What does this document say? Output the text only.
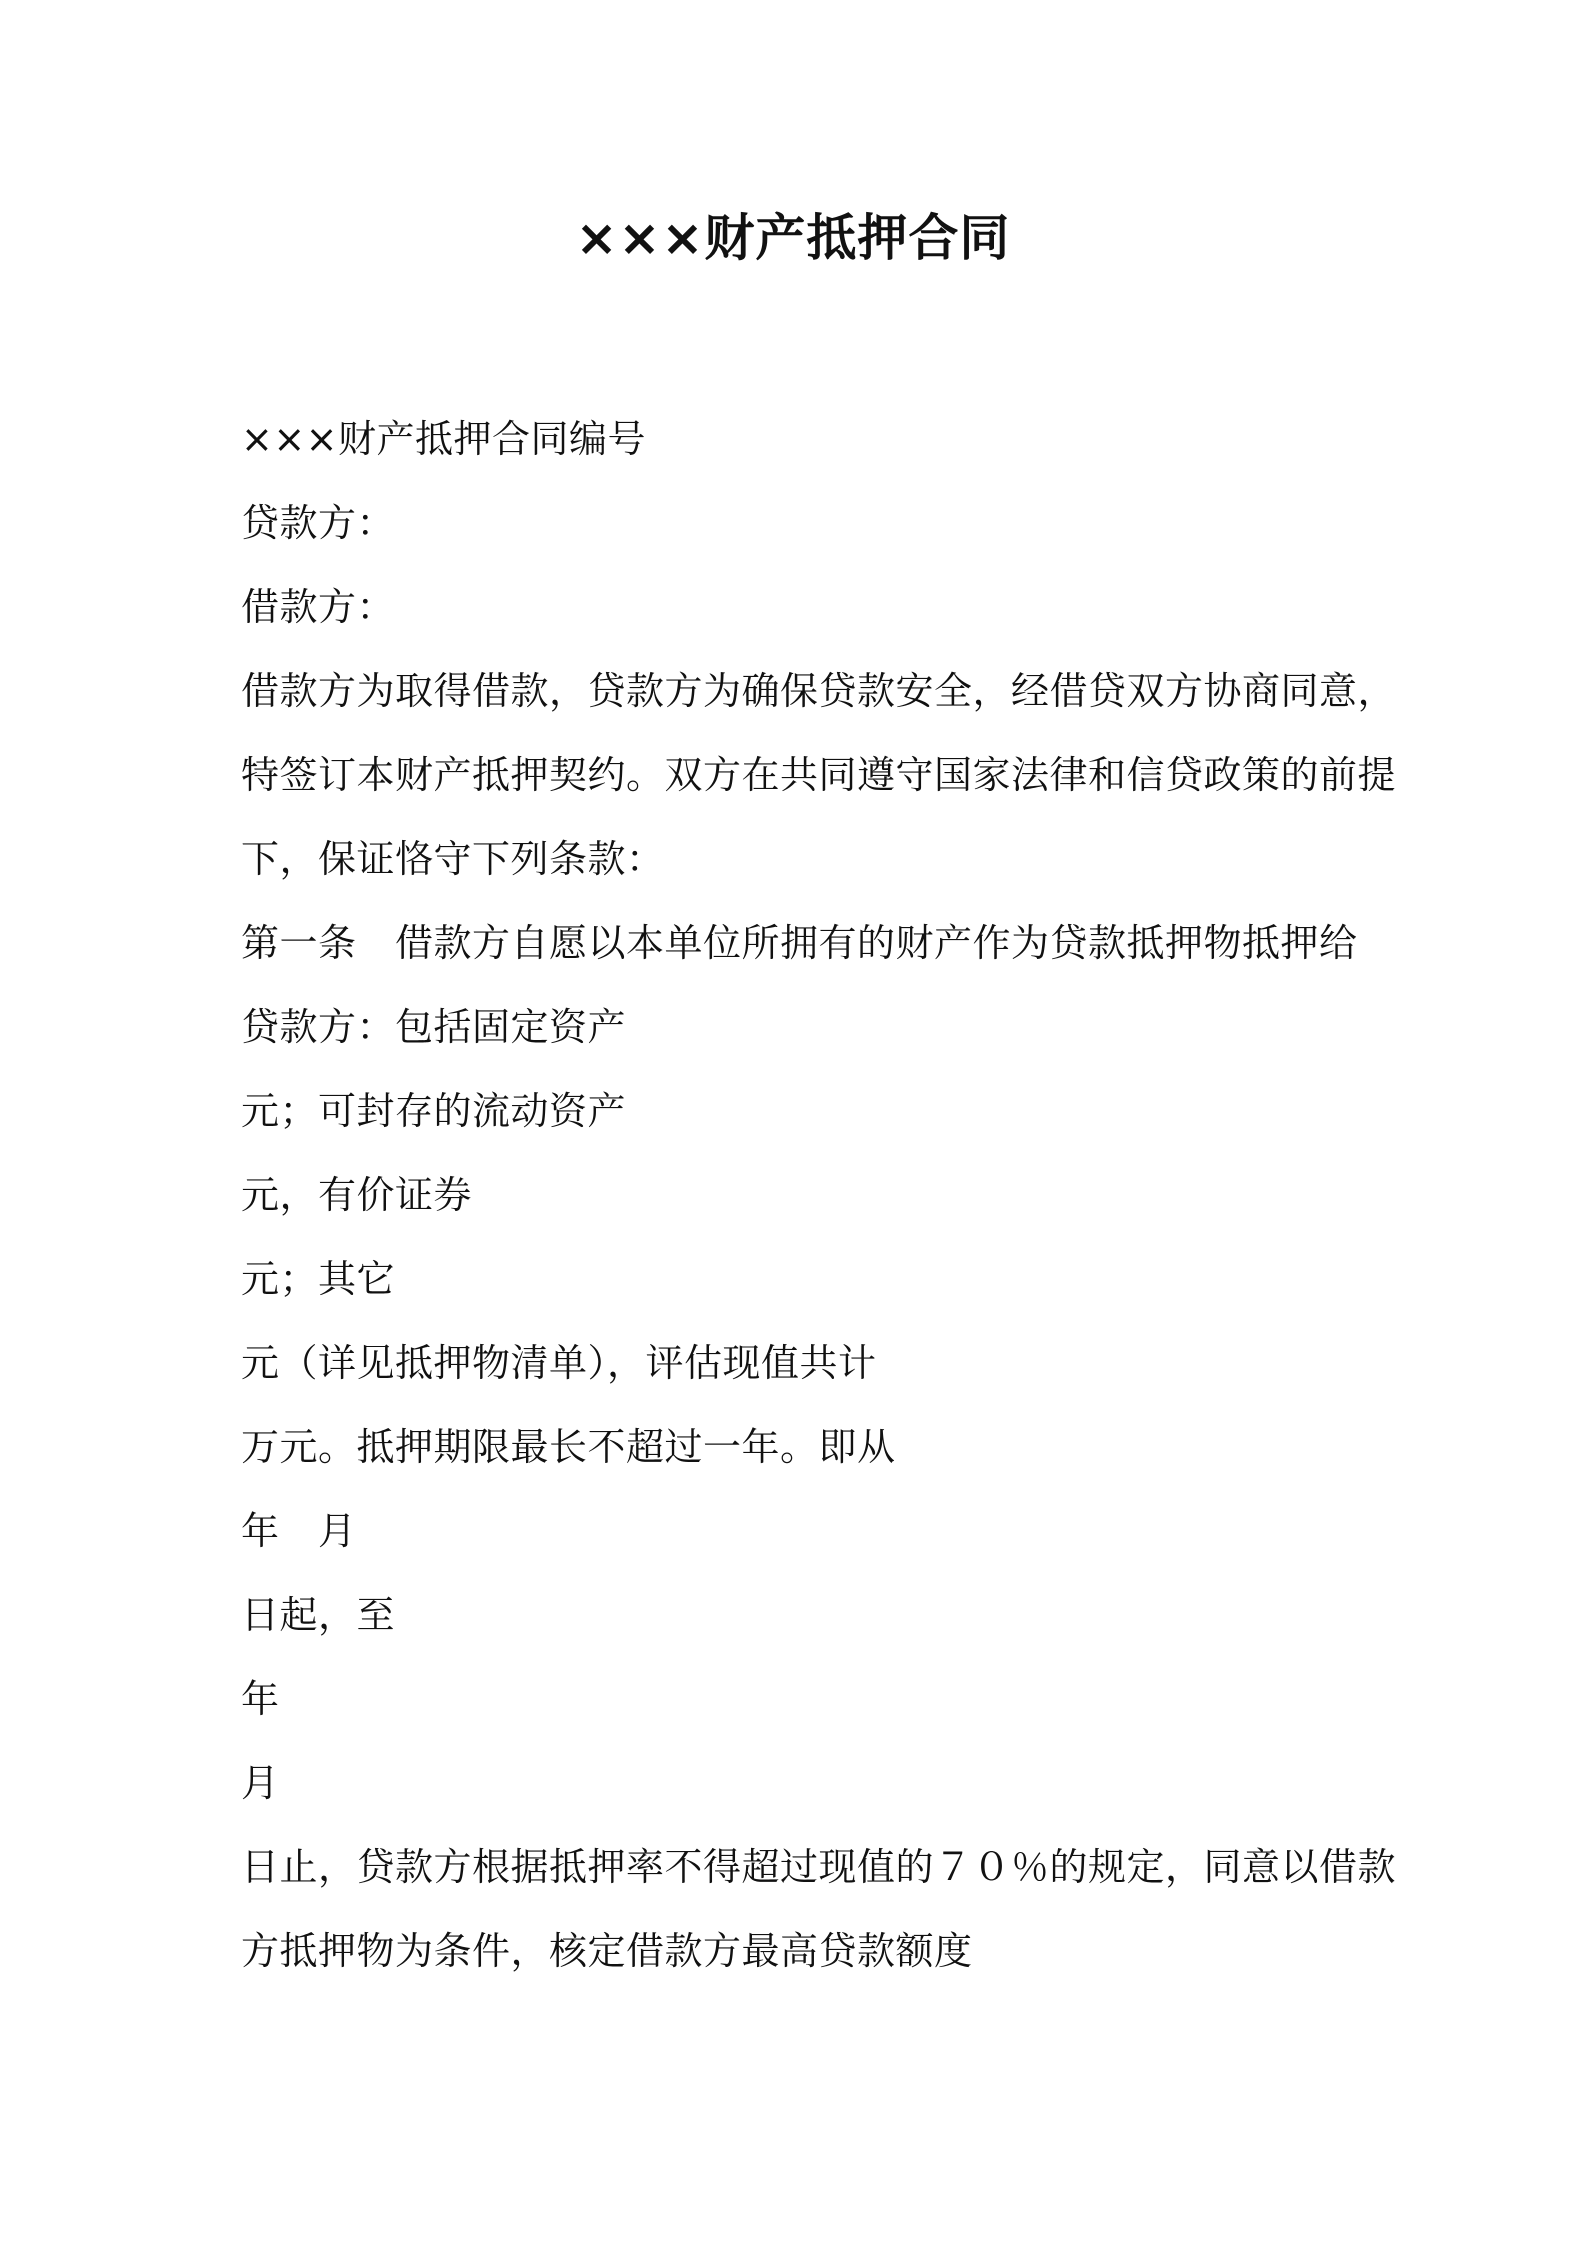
×××财产抵押合同
×××财产抵押合同编号
贷款方：
借款方：
借款方为取得借款，贷款方为确保贷款安全，经借贷双方协商同意，
特签订本财产抵押契约。双方在共同遵守国家法律和信贷政策的前提
下，保证恪守下列条款：
第一条　借款方自愿以本单位所拥有的财产作为贷款抵押物抵押给
贷款方：包括固定资产
元；可封存的流动资产
元，有价证券
元；其它
元（详见抵押物清单），评估现值共计
万元。抵押期限最长不超过一年。即从
年　月
日起，至
年
月
日止，贷款方根据抵押率不得超过现值的７０％的规定，同意以借款
方抵押物为条件，核定借款方最高贷款额度
